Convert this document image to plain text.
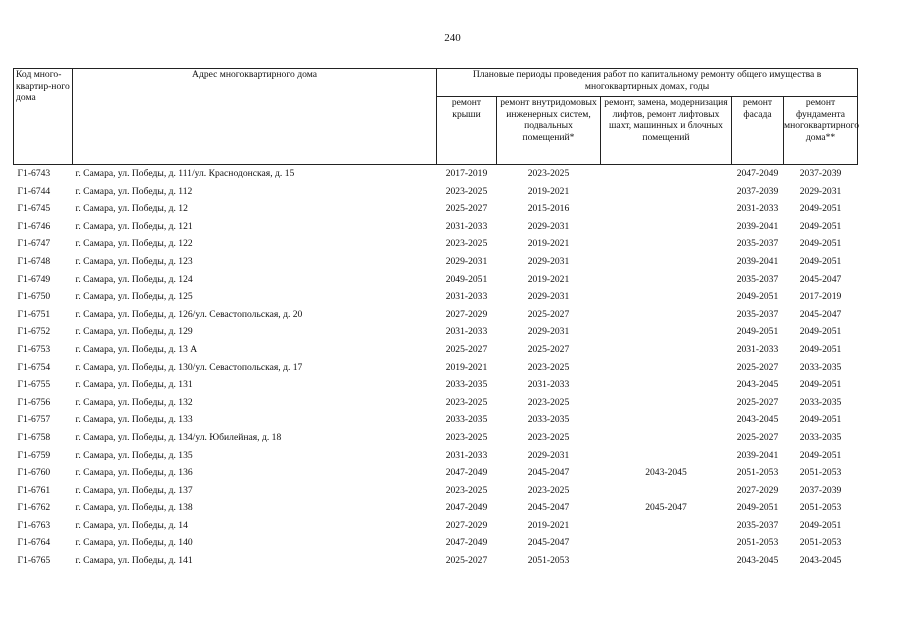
240
Код много-квартир-ного дома	Адрес многоквартирного дома	Плановые периоды проведения работ по капитальному ремонту общего имущества в многоквартирных домах, годы				
		ремонт крыши	ремонт внутридомовых инженерных систем, подвальных помещений*	ремонт, замена, модернизация лифтов, ремонт лифтовых шахт, машинных и блочных помещений	ремонт фасада	ремонт фундамента многоквартирного дома**
Г1-6743	г. Самара, ул. Победы, д. 111/ул. Краснодонская, д. 15	2017-2019	2023-2025		2047-2049	2037-2039
Г1-6744	г. Самара, ул. Победы, д. 112	2023-2025	2019-2021		2037-2039	2029-2031
Г1-6745	г. Самара, ул. Победы, д. 12	2025-2027	2015-2016		2031-2033	2049-2051
Г1-6746	г. Самара, ул. Победы, д. 121	2031-2033	2029-2031		2039-2041	2049-2051
Г1-6747	г. Самара, ул. Победы, д. 122	2023-2025	2019-2021		2035-2037	2049-2051
Г1-6748	г. Самара, ул. Победы, д. 123	2029-2031	2029-2031		2039-2041	2049-2051
Г1-6749	г. Самара, ул. Победы, д. 124	2049-2051	2019-2021		2035-2037	2045-2047
Г1-6750	г. Самара, ул. Победы, д. 125	2031-2033	2029-2031		2049-2051	2017-2019
Г1-6751	г. Самара, ул. Победы, д. 126/ул. Севастопольская, д. 20	2027-2029	2025-2027		2035-2037	2045-2047
Г1-6752	г. Самара, ул. Победы, д. 129	2031-2033	2029-2031		2049-2051	2049-2051
Г1-6753	г. Самара, ул. Победы, д. 13 А	2025-2027	2025-2027		2031-2033	2049-2051
Г1-6754	г. Самара, ул. Победы, д. 130/ул. Севастопольская, д. 17	2019-2021	2023-2025		2025-2027	2033-2035
Г1-6755	г. Самара, ул. Победы, д. 131	2033-2035	2031-2033		2043-2045	2049-2051
Г1-6756	г. Самара, ул. Победы, д. 132	2023-2025	2023-2025		2025-2027	2033-2035
Г1-6757	г. Самара, ул. Победы, д. 133	2033-2035	2033-2035		2043-2045	2049-2051
Г1-6758	г. Самара, ул. Победы, д. 134/ул. Юбилейная, д. 18	2023-2025	2023-2025		2025-2027	2033-2035
Г1-6759	г. Самара, ул. Победы, д. 135	2031-2033	2029-2031		2039-2041	2049-2051
Г1-6760	г. Самара, ул. Победы, д. 136	2047-2049	2045-2047	2043-2045	2051-2053	2051-2053
Г1-6761	г. Самара, ул. Победы, д. 137	2023-2025	2023-2025		2027-2029	2037-2039
Г1-6762	г. Самара, ул. Победы, д. 138	2047-2049	2045-2047	2045-2047	2049-2051	2051-2053
Г1-6763	г. Самара, ул. Победы, д. 14	2027-2029	2019-2021		2035-2037	2049-2051
Г1-6764	г. Самара, ул. Победы, д. 140	2047-2049	2045-2047		2051-2053	2051-2053
Г1-6765	г. Самара, ул. Победы, д. 141	2025-2027	2051-2053		2043-2045	2043-2045
